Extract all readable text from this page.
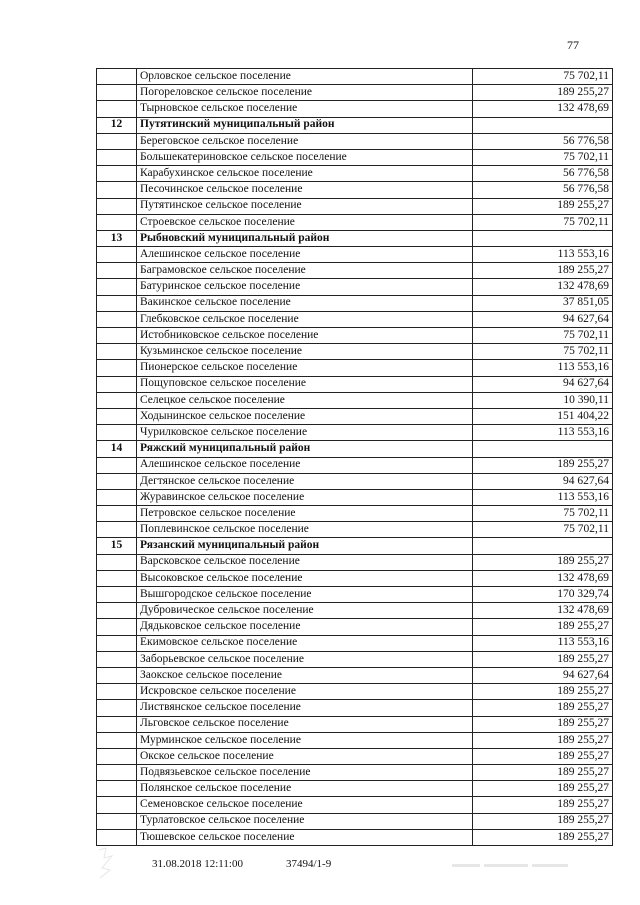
77
	Орловское сельское поселение	75 702,11
	Погореловское сельское поселение	189 255,27
	Тырновское сельское поселение	132 478,69
12	Путятинский муниципальный район	
	Береговское сельское поселение	56 776,58
	Большекатериновское сельское поселение	75 702,11
	Карабухинское сельское поселение	56 776,58
	Песочинское сельское поселение	56 776,58
	Путятинское сельское поселение	189 255,27
	Строевское сельское поселение	75 702,11
13	Рыбновский муниципальный район	
	Алешинское сельское поселение	113 553,16
	Баграмовское сельское поселение	189 255,27
	Батуринское сельское поселение	132 478,69
	Вакинское сельское поселение	37 851,05
	Глебковское сельское поселение	94 627,64
	Истобниковское сельское поселение	75 702,11
	Кузьминское сельское поселение	75 702,11
	Пионерское сельское поселение	113 553,16
	Пощуповское сельское поселение	94 627,64
	Селецкое сельское поселение	10 390,11
	Ходынинское сельское поселение	151 404,22
	Чурилковское сельское поселение	113 553,16
14	Ряжский муниципальный район	
	Алешинское сельское поселение	189 255,27
	Дегтянское сельское поселение	94 627,64
	Журавинское сельское поселение	113 553,16
	Петровское сельское поселение	75 702,11
	Поплевинское сельское поселение	75 702,11
15	Рязанский муниципальный район	
	Варсковское сельское поселение	189 255,27
	Высоковское сельское поселение	132 478,69
	Вышгородское сельское поселение	170 329,74
	Дубровическое сельское поселение	132 478,69
	Дядьковское сельское поселение	189 255,27
	Екимовское сельское поселение	113 553,16
	Заборьевское сельское поселение	189 255,27
	Заокское сельское поселение	94 627,64
	Искровское сельское поселение	189 255,27
	Листвянское сельское поселение	189 255,27
	Льговское сельское поселение	189 255,27
	Мурминское сельское поселение	189 255,27
	Окское сельское поселение	189 255,27
	Подвязьевское сельское поселение	189 255,27
	Полянское сельское поселение	189 255,27
	Семеновское сельское поселение	189 255,27
	Турлатовское сельское поселение	189 255,27
	Тюшевское сельское поселение	189 255,27
31.08.2018 12:11:00	37494/1-9
